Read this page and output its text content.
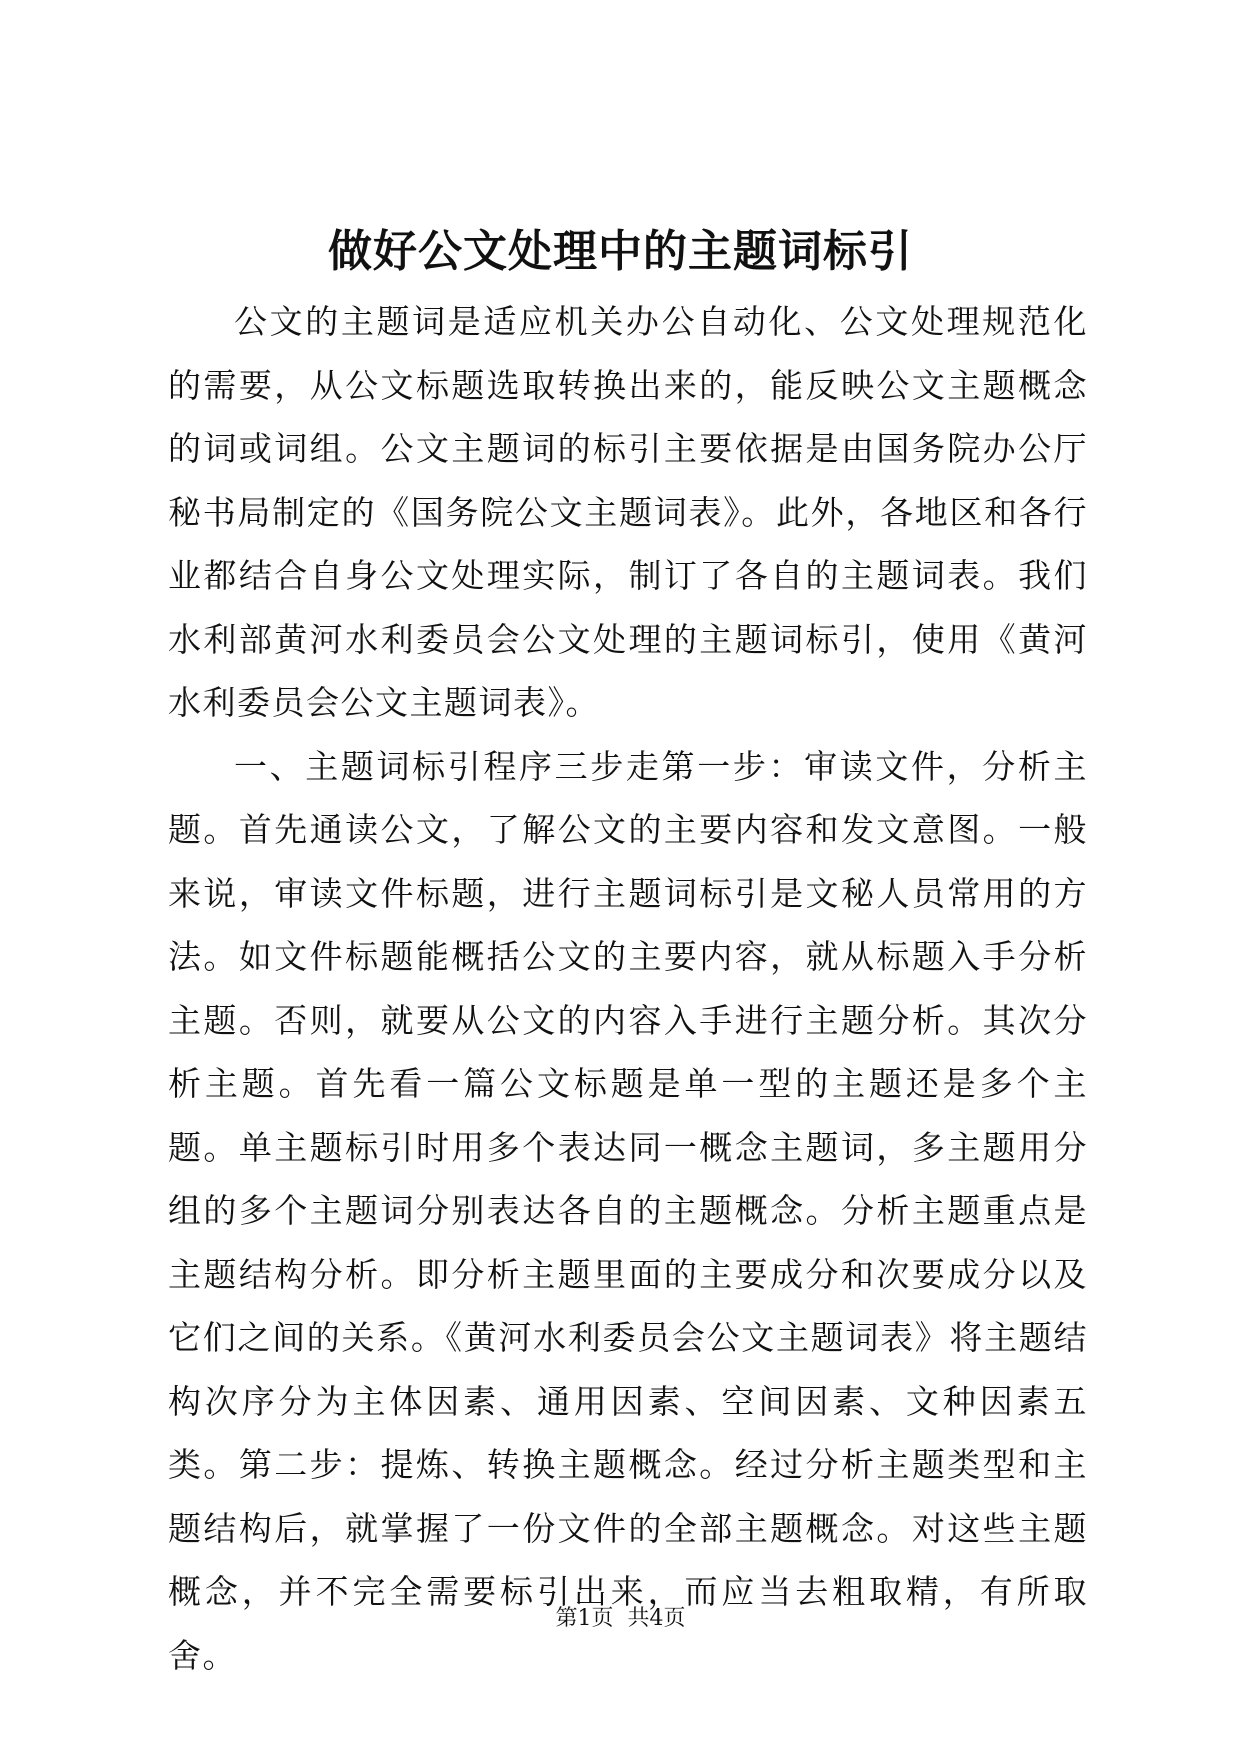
做好公文处理中的主题词标引

公文的主题词是适应机关办公自动化、公文处理规范化的需要，从公文标题选取转换出来的，能反映公文主题概念的词或词组。公文主题词的标引主要依据是由国务院办公厅秘书局制定的《国务院公文主题词表》。此外，各地区和各行业都结合自身公文处理实际，制订了各自的主题词表。我们水利部黄河水利委员会公文处理的主题词标引，使用《黄河水利委员会公文主题词表》。

一、主题词标引程序三步走第一步：审读文件，分析主题。首先通读公文，了解公文的主要内容和发文意图。一般来说，审读文件标题，进行主题词标引是文秘人员常用的方法。如文件标题能概括公文的主要内容，就从标题入手分析主题。否则，就要从公文的内容入手进行主题分析。其次分析主题。首先看一篇公文标题是单一型的主题还是多个主题。单主题标引时用多个表达同一概念主题词，多主题用分组的多个主题词分别表达各自的主题概念。分析主题重点是主题结构分析。即分析主题里面的主要成分和次要成分以及它们之间的关系。《黄河水利委员会公文主题词表》将主题结构次序分为主体因素、通用因素、空间因素、文种因素五类。第二步：提炼、转换主题概念。经过分析主题类型和主题结构后，就掌握了一份文件的全部主题概念。对这些主题概念，并不完全需要标引出来，而应当去粗取精，有所取舍。

第1页  共4页
